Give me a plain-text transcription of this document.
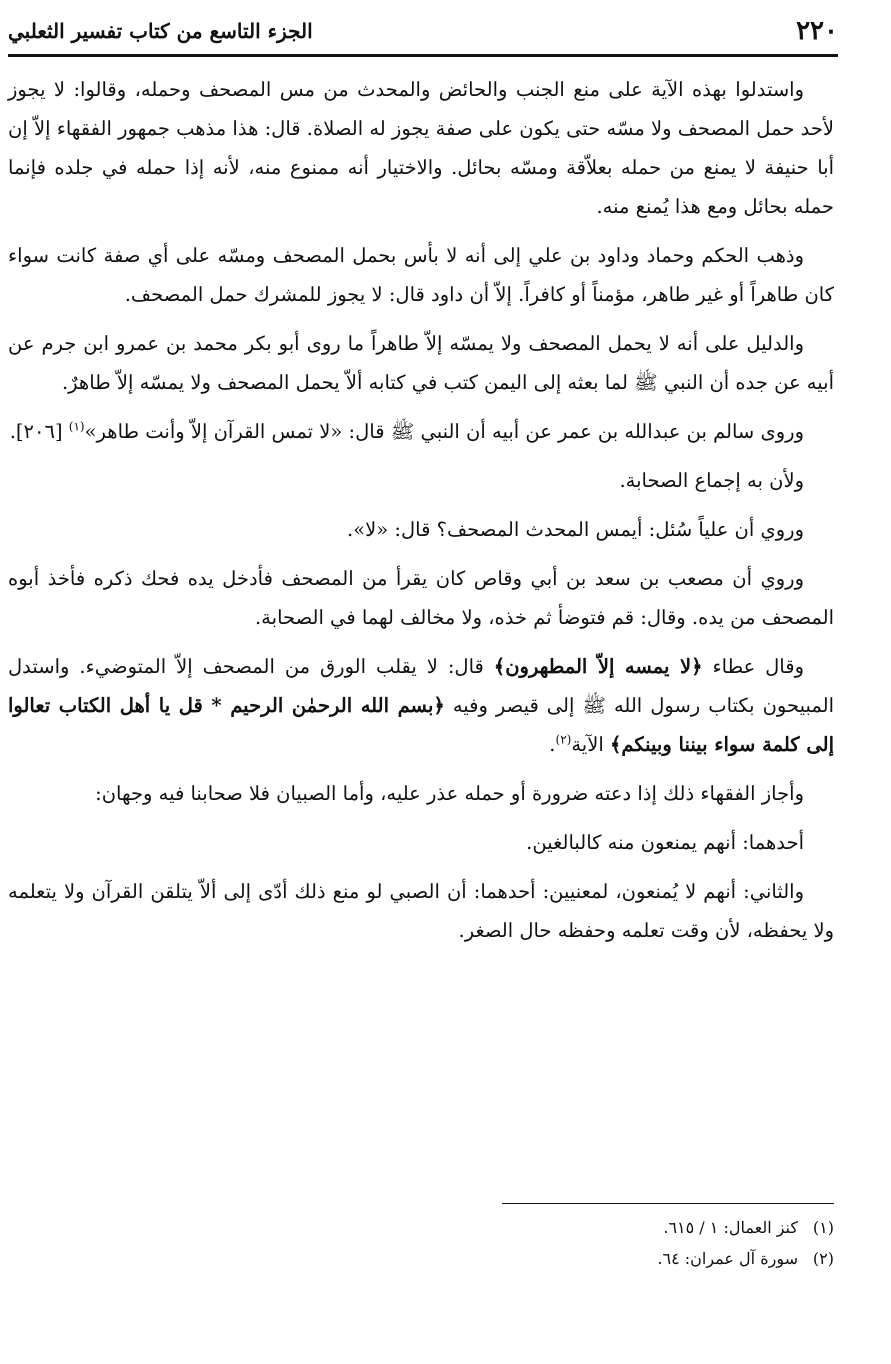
٢٢٠
الجزء التاسع من كتاب تفسير الثعلبي

واستدلوا بهذه الآية على منع الجنب والحائض والمحدث من مس المصحف وحمله، وقالوا: لا يجوز لأحد حمل المصحف ولا مسّه حتى يكون على صفة يجوز له الصلاة. قال: هذا مذهب جمهور الفقهاء إلاّ إن أبا حنيفة لا يمنع من حمله بعلاّقة ومسّه بحائل. والاختيار أنه ممنوع منه، لأنه إذا حمله في جلده فإنما حمله بحائل ومع هذا يُمنع منه.

وذهب الحكم وحماد وداود بن علي إلى أنه لا بأس بحمل المصحف ومسّه على أي صفة كانت سواء كان طاهراً أو غير طاهر، مؤمناً أو كافراً. إلاّ أن داود قال: لا يجوز للمشرك حمل المصحف.

والدليل على أنه لا يحمل المصحف ولا يمسّه إلاّ طاهراً ما روى أبو بكر محمد بن عمرو ابن جرم عن أبيه عن جده أن النبي ﷺ لما بعثه إلى اليمن كتب في كتابه ألاّ يحمل المصحف ولا يمسّه إلاّ طاهرٌ.

وروى سالم بن عبدالله بن عمر عن أبيه أن النبي ﷺ قال: «لا تمس القرآن إلاّ وأنت طاهر»$^{(١)}$ [٢٠٦].

ولأن به إجماع الصحابة.

وروي أن علياً سُئل: أيمس المحدث المصحف؟ قال: «لا».

وروي أن مصعب بن سعد بن أبي وقاص كان يقرأ من المصحف فأدخل يده فحك ذكره فأخذ أبوه المصحف من يده. وقال: قم فتوضأ ثم خذه، ولا مخالف لهما في الصحابة.

وقال عطاء ﴿لا يمسه إلاّ المطهرون﴾ قال: لا يقلب الورق من المصحف إلاّ المتوضيء. واستدل المبيحون بكتاب رسول الله ﷺ إلى قيصر وفيه ﴿بسم الله الرحمٰن الرحيم * قل يا أهل الكتاب تعالوا إلى كلمة سواء بيننا وبينكم﴾ الآية$^{(٢)}$.

وأجاز الفقهاء ذلك إذا دعته ضرورة أو حمله عذر عليه، وأما الصبيان فلا صحابنا فيه وجهان:

أحدهما: أنهم يمنعون منه كالبالغين.

والثاني: أنهم لا يُمنعون، لمعنيين: أحدهما: أن الصبي لو منع ذلك أدّى إلى ألاّ يتلقن القرآن ولا يتعلمه ولا يحفظه، لأن وقت تعلمه وحفظه حال الصغر.

(١)
كنز العمال: ١ / ٦١٥.
(٢)
سورة آل عمران: ٦٤.
